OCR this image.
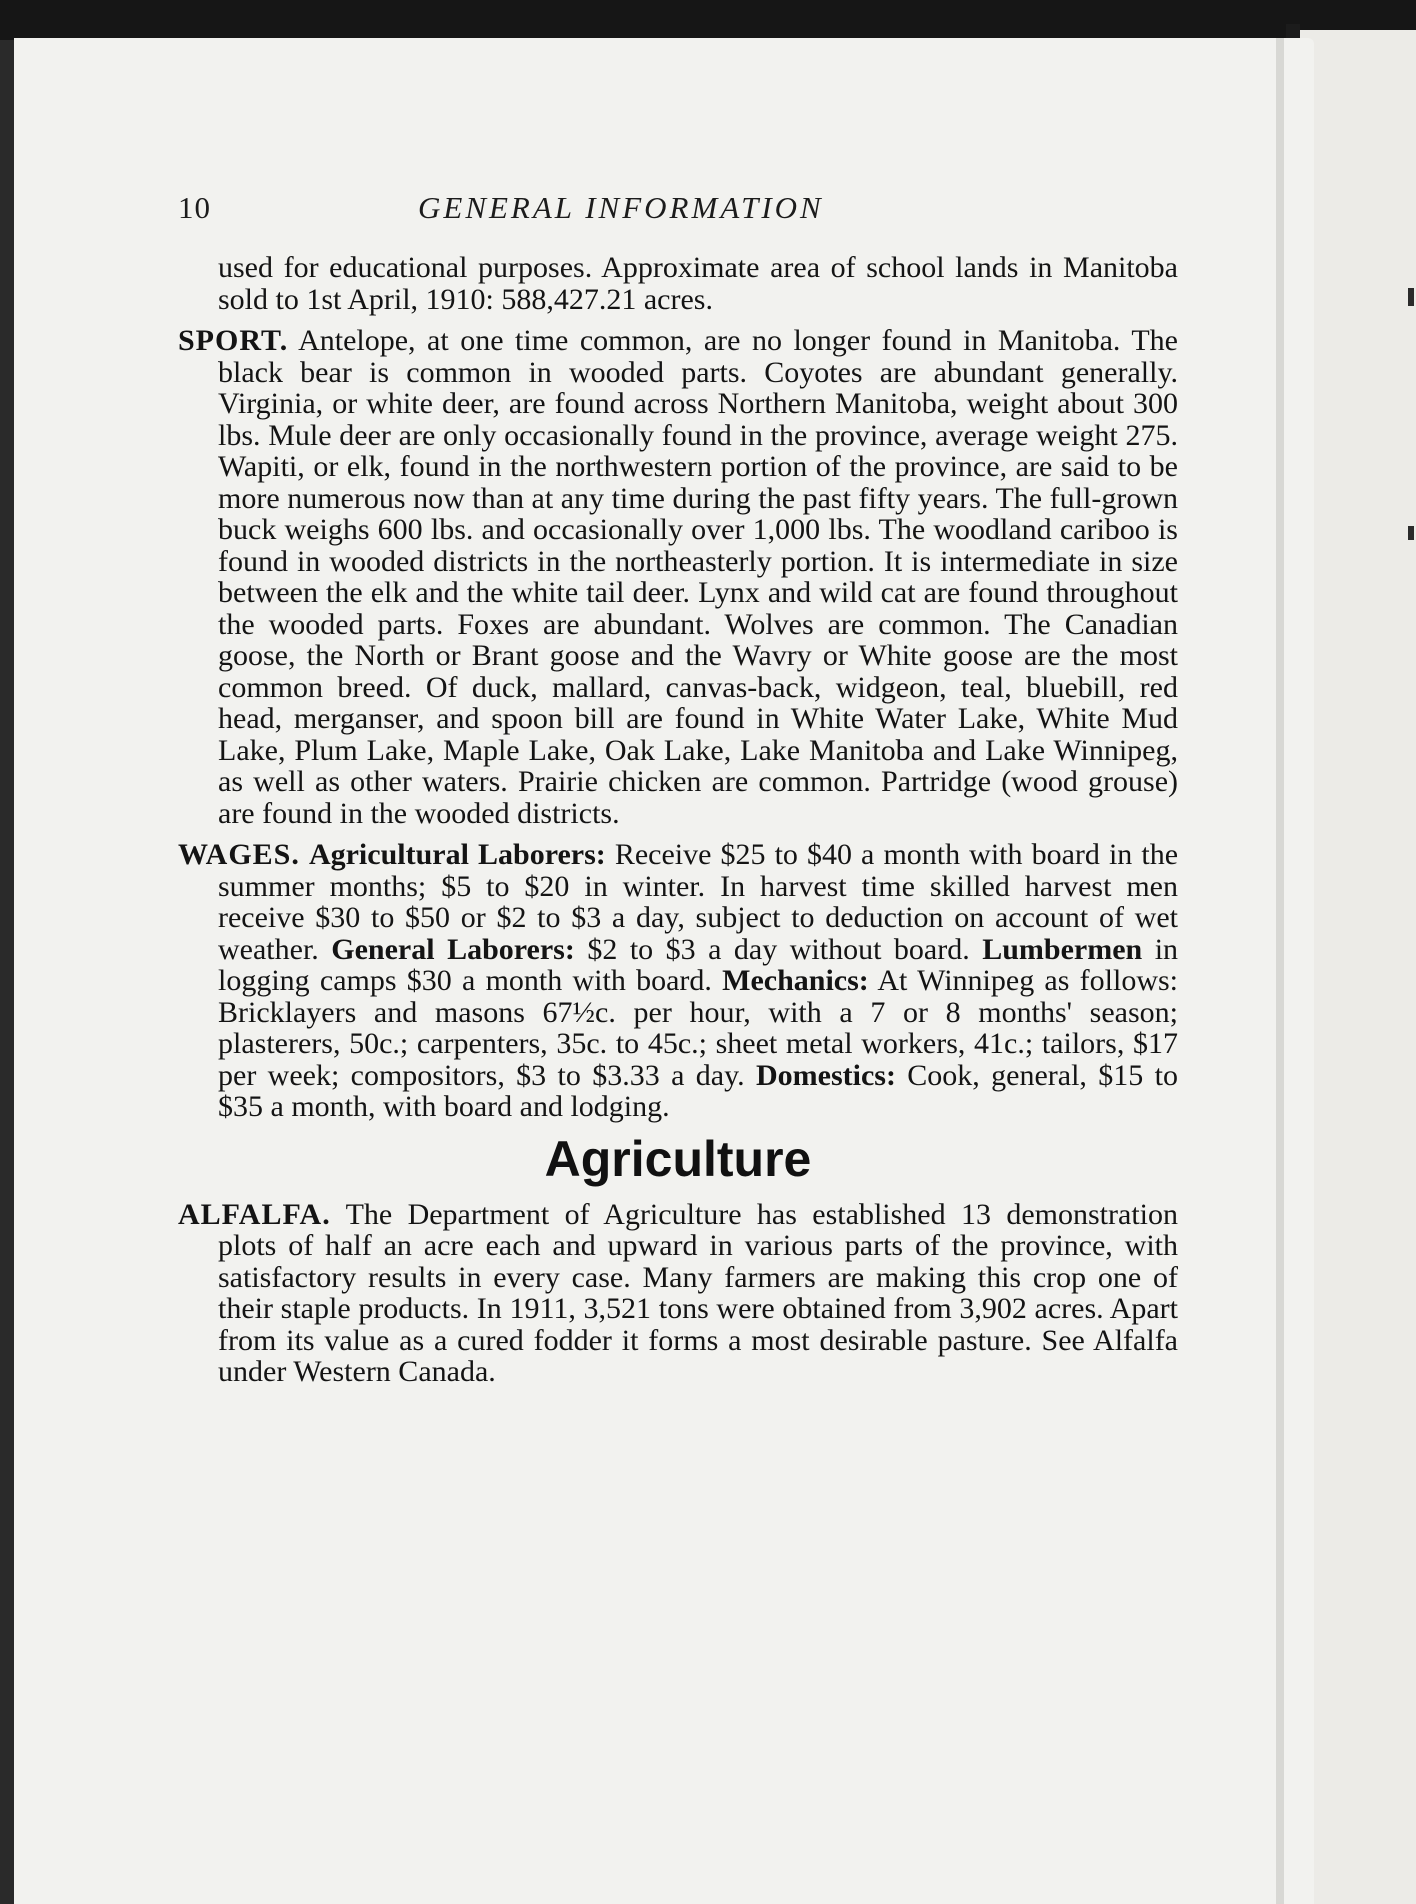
10	GENERAL INFORMATION

used for educational purposes. Approximate area of school lands in Manitoba sold to 1st April, 1910: 588,427.21 acres.

SPORT. Antelope, at one time common, are no longer found in Manitoba. The black bear is common in wooded parts. Coyotes are abundant generally. Virginia, or white deer, are found across Northern Manitoba, weight about 300 lbs. Mule deer are only occasionally found in the province, average weight 275. Wapiti, or elk, found in the northwestern portion of the province, are said to be more numerous now than at any time during the past fifty years. The full-grown buck weighs 600 lbs. and occasionally over 1,000 lbs. The woodland cariboo is found in wooded districts in the northeasterly portion. It is intermediate in size between the elk and the white tail deer. Lynx and wild cat are found throughout the wooded parts. Foxes are abundant. Wolves are common. The Canadian goose, the North or Brant goose and the Wavry or White goose are the most common breed. Of duck, mallard, canvas-back, widgeon, teal, bluebill, red head, merganser, and spoon bill are found in White Water Lake, White Mud Lake, Plum Lake, Maple Lake, Oak Lake, Lake Manitoba and Lake Winnipeg, as well as other waters. Prairie chicken are common. Partridge (wood grouse) are found in the wooded districts.

WAGES. Agricultural Laborers: Receive $25 to $40 a month with board in the summer months; $5 to $20 in winter. In harvest time skilled harvest men receive $30 to $50 or $2 to $3 a day, subject to deduction on account of wet weather. General Laborers: $2 to $3 a day without board. Lumbermen in logging camps $30 a month with board. Mechanics: At Winnipeg as follows: Bricklayers and masons 67½c. per hour, with a 7 or 8 months' season; plasterers, 50c.; carpenters, 35c. to 45c.; sheet metal workers, 41c.; tailors, $17 per week; compositors, $3 to $3.33 a day. Domestics: Cook, general, $15 to $35 a month, with board and lodging.

Agriculture

ALFALFA. The Department of Agriculture has established 13 demonstration plots of half an acre each and upward in various parts of the province, with satisfactory results in every case. Many farmers are making this crop one of their staple products. In 1911, 3,521 tons were obtained from 3,902 acres. Apart from its value as a cured fodder it forms a most desirable pasture. See Alfalfa under Western Canada.
